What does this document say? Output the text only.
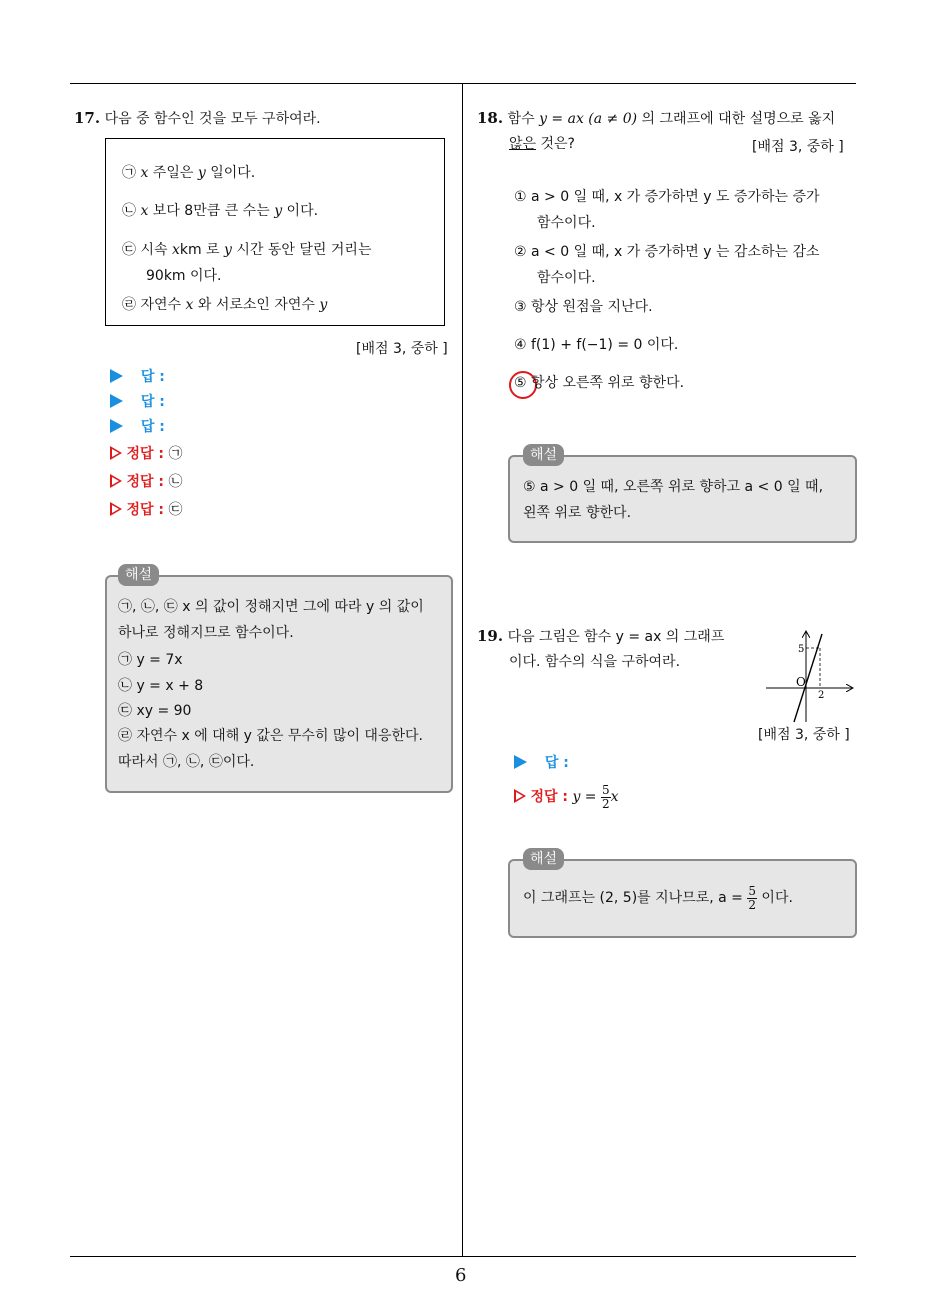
6
17. 다음 중 함수인 것을 모두 구하여라.
㉠ x 주일은 y 일이다.
㉡ x 보다 8만큼 큰 수는 y 이다.
㉢ 시속 xkm 로 y 시간 동안 달린 거리는
90km 이다.
㉣ 자연수 x 와 서로소인 자연수 y
[배점 3, 중하 ]
답 :
답 :
답 :
정답 : ㉠
정답 : ㉡
정답 : ㉢
해설
㉠, ㉡, ㉢ x 의 값이 정해지면 그에 따라 y 의 값이
하나로 정해지므로 함수이다.
㉠ y = 7x
㉡ y = x + 8
㉢ xy = 90
㉣ 자연수 x 에 대해 y 값은 무수히 많이 대응한다.
따라서 ㉠, ㉡, ㉢이다.
18. 함수 y = ax (a ≠ 0) 의 그래프에 대한 설명으로 옳지
않은 것은?	[배점 3, 중하 ]
① a > 0 일 때, x 가 증가하면 y 도 증가하는 증가
함수이다.
② a < 0 일 때, x 가 증가하면 y 는 감소하는 감소
함수이다.
③ 항상 원점을 지난다.
④ f(1) + f(−1) = 0 이다.
⑤ 항상 오른쪽 위로 향한다.
해설
⑤ a > 0 일 때, 오른쪽 위로 향하고 a < 0 일 때,
왼쪽 위로 향한다.
19. 다음 그림은 함수 y = ax 의 그래프
이다. 함수의 식을 구하여라.
5
O
2
[배점 3, 중하 ]
답 :
정답 : $y = \frac{5}{2}$ x
해설
이 그래프는 (2, 5)를 지나므로, $a = \frac{5}{2}$ 이다.
